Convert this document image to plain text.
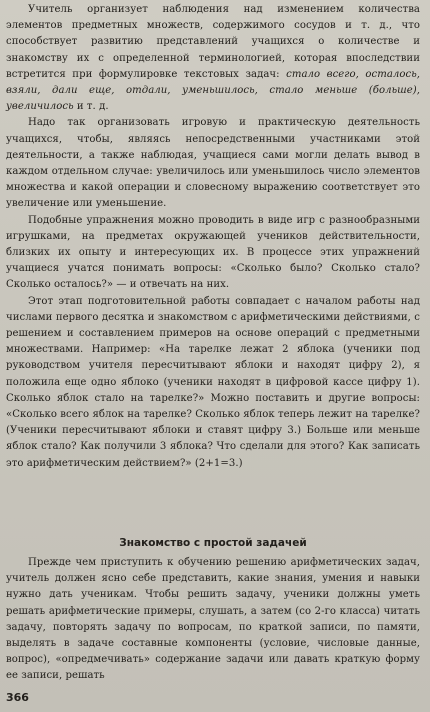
Учитель организует наблюдения над изменением количества элементов предметных множеств, содержимого сосудов и т. д., что способствует развитию представлений учащихся о количестве и знакомству их с определенной терминологией, которая впоследствии встретится при формулировке текстовых задач: стало всего, осталось, взяли, дали еще, отдали, уменьшилось, стало меньше (больше), увеличилось и т. д.

Надо так организовать игровую и практическую деятельность учащихся, чтобы, являясь непосредственными участниками этой деятельности, а также наблюдая, учащиеся сами могли делать вывод в каждом отдельном случае: увеличилось или уменьшилось число элементов множества и какой операции и словесному выражению соответствует это увеличение или уменьшение.

Подобные упражнения можно проводить в виде игр с разнообразными игрушками, на предметах окружающей учеников действительности, близких их опыту и интересующих их. В процессе этих упражнений учащиеся учатся понимать вопросы: «Сколько было? Сколько стало? Сколько осталось?» — и отвечать на них.

Этот этап подготовительной работы совпадает с началом работы над числами первого десятка и знакомством с арифметическими действиями, с решением и составлением примеров на основе операций с предметными множествами. Например: «На тарелке лежат 2 яблока (ученики под руководством учителя пересчитывают яблоки и находят цифру 2), я положила еще одно яблоко (ученики находят в цифровой кассе цифру 1). Сколько яблок стало на тарелке?» Можно поставить и другие вопросы: «Сколько всего яблок на тарелке? Сколько яблок теперь лежит на тарелке? (Ученики пересчитывают яблоки и ставят цифру 3.) Больше или меньше яблок стало? Как получили 3 яблока? Что сделали для этого? Как записать это арифметическим действием?» (2+1=3.)

Знакомство с простой задачей

Прежде чем приступить к обучению решению арифметических задач, учитель должен ясно себе представить, какие знания, умения и навыки нужно дать ученикам. Чтобы решить задачу, ученики должны уметь решать арифметические примеры, слушать, а затем (со 2-го класса) читать задачу, повторять задачу по вопросам, по краткой записи, по памяти, выделять в задаче составные компоненты (условие, числовые данные, вопрос), «опредмечивать» содержание задачи или давать краткую форму ее записи, решать

366
